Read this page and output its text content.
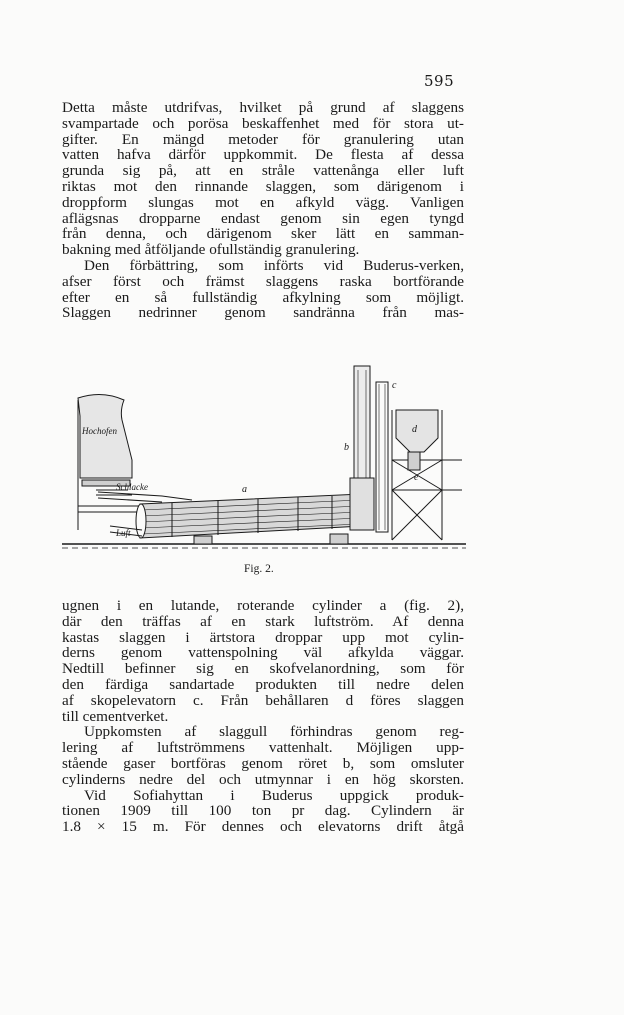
595
Detta måste utdrifvas, hvilket på grund af slaggens
svampartade och porösa beskaffenhet med för stora ut-
gifter. En mängd metoder för granulering utan
vatten hafva därför uppkommit. De flesta af dessa
grunda sig på, att en stråle vattenånga eller luft
riktas mot den rinnande slaggen, som därigenom i
droppform slungas mot en afkyld vägg. Vanligen
aflägsnas dropparne endast genom sin egen tyngd
från denna, och därigenom sker lätt en samman-
bakning med åtföljande ofullständig granulering.
Den förbättring, som införts vid Buderus-verken,
afser först och främst slaggens raska bortförande
efter en så fullständig afkylning som möjligt.
Slaggen nedrinner genom sandränna från mas-
Hochofen
Schlacke
Luft
a
b
c
d
e
Fig. 2.
ugnen i en lutande, roterande cylinder a (fig. 2),
där den träffas af en stark luftström. Af denna
kastas slaggen i ärtstora droppar upp mot cylin-
derns genom vattenspolning väl afkylda väggar.
Nedtill befinner sig en skofvelanordning, som för
den färdiga sandartade produkten till nedre delen
af skopelevatorn c. Från behållaren d föres slaggen
till cementverket.
Uppkomsten af slaggull förhindras genom reg-
lering af luftströmmens vattenhalt. Möjligen upp-
stående gaser bortföras genom röret b, som omsluter
cylinderns nedre del och utmynnar i en hög skorsten.
Vid Sofiahyttan i Buderus uppgick produk-
tionen 1909 till 100 ton pr dag. Cylindern är
1.8 × 15 m. För dennes och elevatorns drift åtgå
